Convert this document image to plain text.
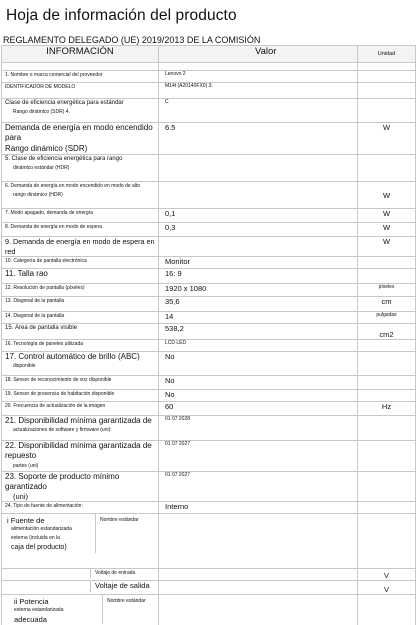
Hoja de información del producto
REGLAMENTO DELEGADO (UE) 2019/2013 DE LA COMISIÓN
INFORMACIÓN	Valor	Unidad

1. Nombre o marca comercial del proveedor	Lenovo 2	
IDENTIFICADOR DE MODELO	M14t (A20140FX0) 3.	
Clase de eficiencia energética para estándar
Rango dinámico (SDR) 4.	C	
Demanda de energía en modo encendido para
Rango dinámico (SDR)	6.5	W
5. Clase de eficiencia energética para rango
dinámico estándar (HDR)		

6. Demanda de energía en modo encendido en modo de alto
rango dinámico (HDR)		W
7. Modo apagado, demanda de energía	0,1	W
8. Demanda de energía en modo de espera	0,3	W
9. Demanda de energía en modo de espera en red		W
10. Categoría de pantalla electrónica	Monitor	
11. Talla rao	16: 9	
12. Resolución de pantalla (píxeles)	1920 x 1080	píxeles
13. Diagonal de la pantalla	35,6	cm
14. Diagonal de la pantalla	14	pulgadas
15. Área de pantalla visible	538,2	cm2
16. Tecnología de paneles utilizada	LCD LED	
17. Control automático de brillo (ABC)
disponible	No	
18. Sensor de reconocimiento de voz disponible	No	
19. Sensor de presencia de habitación disponible	No	
20. Frecuencia de actualización de la imagen	60	Hz
21. Disponibilidad mínima garantizada de
actualizaciones de software y firmware (uni):	01 07 2028	
22. Disponibilidad mínima garantizada de repuesto
partes (uni)	01 07 2027	
23. Soporte de producto mínimo garantizado
(uni)	01 07 2027	
24. Tipo de fuente de alimentación:	Interno	

i Fuente de
alimentación estandarizada
externa (incluida en la
caja del producto)
Nombre estándar		

Voltaje de entrada		V

Voltaje de salida		V

ii Potencia
externa estandarizada
adecuada
Nombre estándar		
